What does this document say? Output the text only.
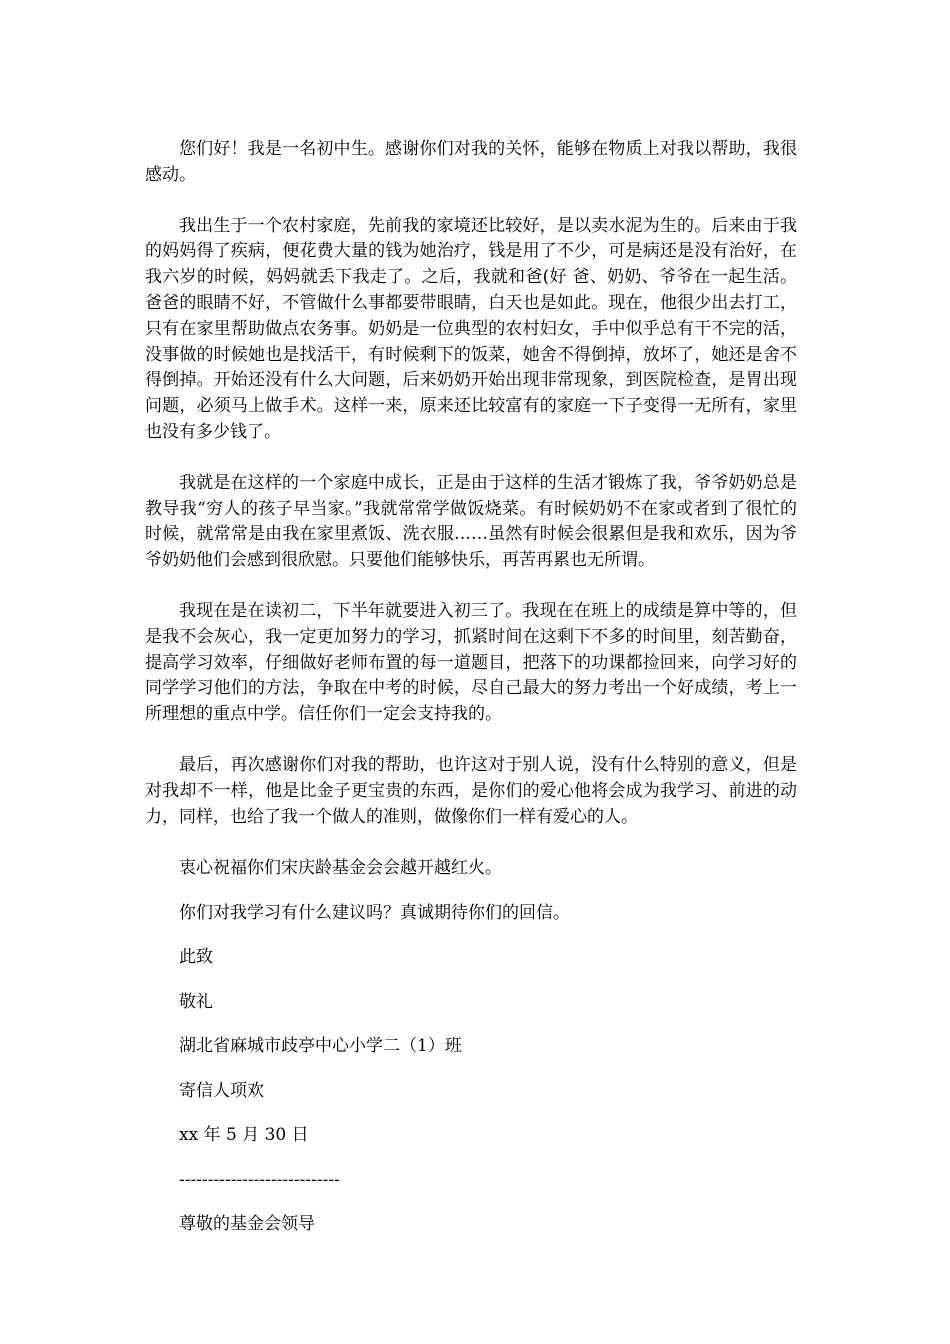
您们好！我是一名初中生。感谢你们对我的关怀，能够在物质上对我以帮助，我很感动。

我出生于一个农村家庭，先前我的家境还比较好，是以卖水泥为生的。后来由于我的妈妈得了疾病，便花费大量的钱为她治疗，钱是用了不少，可是病还是没有治好，在我六岁的时候，妈妈就丢下我走了。之后，我就和爸(好 爸、奶奶、爷爷在一起生活。爸爸的眼睛不好，不管做什么事都要带眼睛，白天也是如此。现在，他很少出去打工，只有在家里帮助做点农务事。奶奶是一位典型的农村妇女，手中似乎总有干不完的活，没事做的时候她也是找活干，有时候剩下的饭菜，她舍不得倒掉，放坏了，她还是舍不得倒掉。开始还没有什么大问题，后来奶奶开始出现非常现象，到医院检查，是胃出现问题，必须马上做手术。这样一来，原来还比较富有的家庭一下子变得一无所有，家里也没有多少钱了。

我就是在这样的一个家庭中成长，正是由于这样的生活才锻炼了我，爷爷奶奶总是教导我“穷人的孩子早当家。”我就常常学做饭烧菜。有时候奶奶不在家或者到了很忙的时候，就常常是由我在家里煮饭、洗衣服……虽然有时候会很累但是我和欢乐，因为爷爷奶奶他们会感到很欣慰。只要他们能够快乐，再苦再累也无所谓。

我现在是在读初二，下半年就要进入初三了。我现在在班上的成绩是算中等的，但是我不会灰心，我一定更加努力的学习，抓紧时间在这剩下不多的时间里，刻苦勤奋，提高学习效率，仔细做好老师布置的每一道题目，把落下的功课都捡回来，向学习好的同学学习他们的方法，争取在中考的时候，尽自己最大的努力考出一个好成绩，考上一所理想的重点中学。信任你们一定会支持我的。

最后，再次感谢你们对我的帮助，也许这对于别人说，没有什么特别的意义，但是对我却不一样，他是比金子更宝贵的东西，是你们的爱心他将会成为我学习、前进的动力，同样，也给了我一个做人的准则，做像你们一样有爱心的人。

衷心祝福你们宋庆龄基金会会越开越红火。

你们对我学习有什么建议吗？真诚期待你们的回信。

此致

敬礼

湖北省麻城市歧亭中心小学二（1）班

寄信人项欢

xx 年 5 月 30 日

----------------------------

尊敬的基金会领导
